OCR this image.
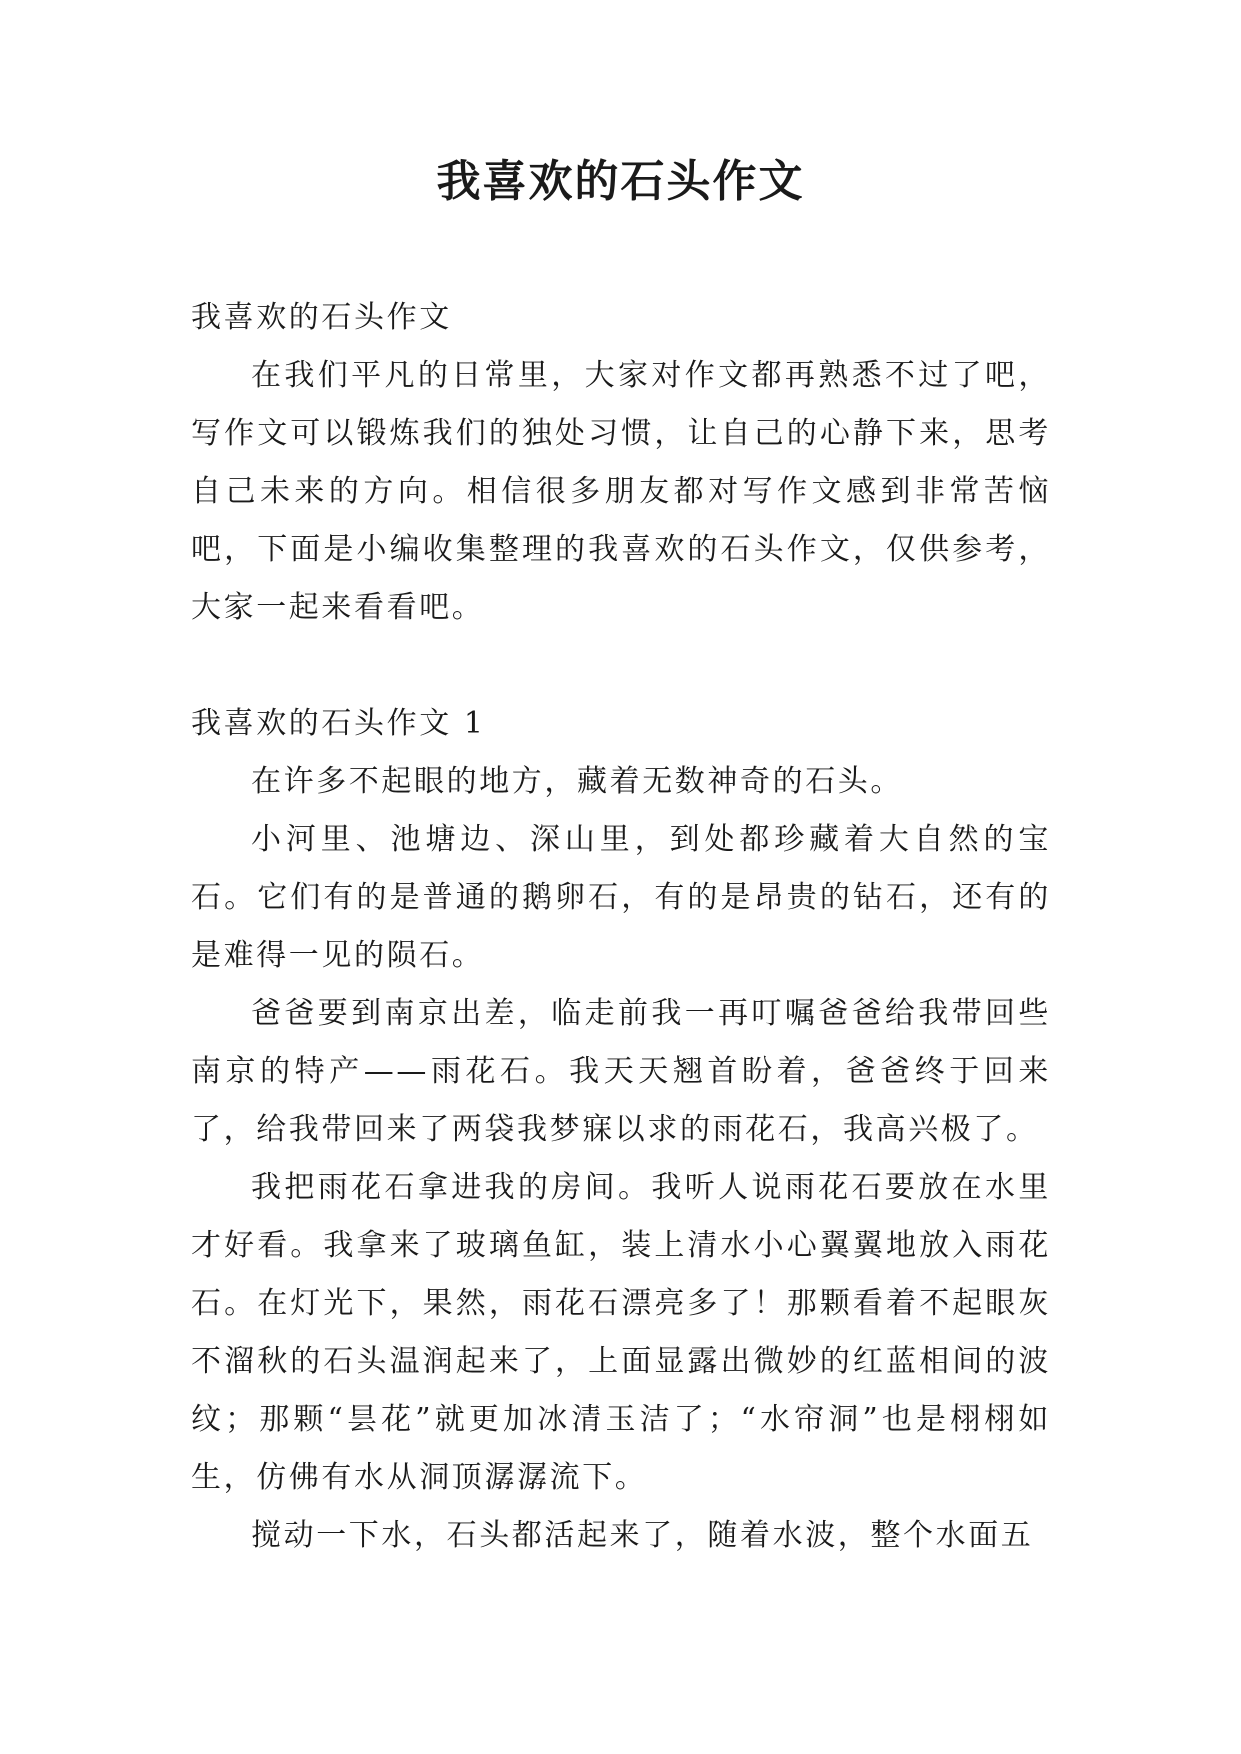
我喜欢的石头作文

我喜欢的石头作文

在我们平凡的日常里，大家对作文都再熟悉不过了吧，写作文可以锻炼我们的独处习惯，让自己的心静下来，思考自己未来的方向。相信很多朋友都对写作文感到非常苦恼吧，下面是小编收集整理的我喜欢的石头作文，仅供参考，大家一起来看看吧。

我喜欢的石头作文 1

在许多不起眼的地方，藏着无数神奇的石头。

小河里、池塘边、深山里，到处都珍藏着大自然的宝石。它们有的是普通的鹅卵石，有的是昂贵的钻石，还有的是难得一见的陨石。

爸爸要到南京出差，临走前我一再叮嘱爸爸给我带回些南京的特产——雨花石。我天天翘首盼着，爸爸终于回来了，给我带回来了两袋我梦寐以求的雨花石，我高兴极了。

我把雨花石拿进我的房间。我听人说雨花石要放在水里才好看。我拿来了玻璃鱼缸，装上清水小心翼翼地放入雨花石。在灯光下，果然，雨花石漂亮多了！那颗看着不起眼灰不溜秋的石头温润起来了，上面显露出微妙的红蓝相间的波纹；那颗“昙花”就更加冰清玉洁了；“水帘洞”也是栩栩如生，仿佛有水从洞顶潺潺流下。

搅动一下水，石头都活起来了，随着水波，整个水面五
